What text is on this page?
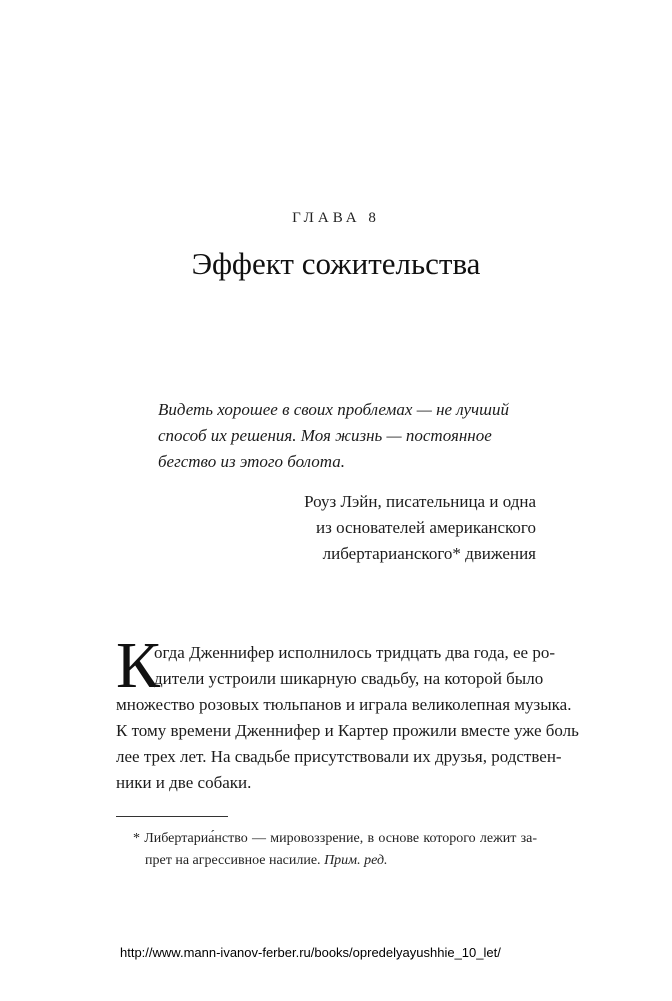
ГЛАВА 8
Эффект сожительства
Видеть хорошее в своих проблемах — не лучший
способ их решения. Моя жизнь — постоянное
бегство из этого болота.
Роуз Лэйн, писательница и одна
из основателей американского
либертарианского* движения
К
огда Дженнифер исполнилось тридцать два года, ее ро-
дители устроили шикарную свадьбу, на которой было
множество розовых тюльпанов и играла великолепная музыка.
К тому времени Дженнифер и Картер прожили вместе уже боль
лее трех лет. На свадьбе присутствовали их друзья, родствен-
ники и две собаки.
* Либертариа́нство — мировоззрение, в основе которого лежит за-
прет на агрессивное насилие. Прим. ред.
http://www.mann-ivanov-ferber.ru/books/opredelyayushhie_10_let/
